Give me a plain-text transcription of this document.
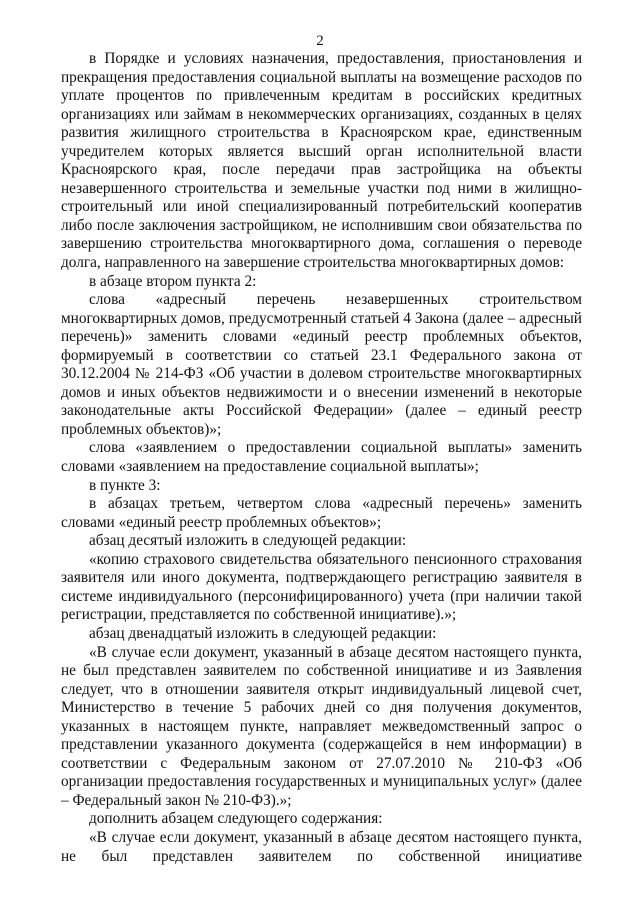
2

в Порядке и условиях назначения, предоставления, приостановления и прекращения предоставления социальной выплаты на возмещение расходов по уплате процентов по привлеченным кредитам в российских кредитных организациях или займам в некоммерческих организациях, созданных в целях развития жилищного строительства в Красноярском крае, единственным учредителем которых является высший орган исполнительной власти Красноярского края, после передачи прав застройщика на объекты незавершенного строительства и земельные участки под ними в жилищно-строительный или иной специализированный потребительский кооператив либо после заключения застройщиком, не исполнившим свои обязательства по завершению строительства многоквартирного дома, соглашения о переводе долга, направленного на завершение строительства многоквартирных домов:

в абзаце втором пункта 2:

слова «адресный перечень незавершенных строительством многоквартирных домов, предусмотренный статьей 4 Закона (далее – адресный перечень)» заменить словами «единый реестр проблемных объектов, формируемый в соответствии со статьей 23.1 Федерального закона от 30.12.2004 № 214-ФЗ «Об участии в долевом строительстве многоквартирных домов и иных объектов недвижимости и о внесении изменений в некоторые законодательные акты Российской Федерации» (далее – единый реестр проблемных объектов)»;

слова «заявлением о предоставлении социальной выплаты» заменить словами «заявлением на предоставление социальной выплаты»;

в пункте 3:

в абзацах третьем, четвертом слова «адресный перечень» заменить словами «единый реестр проблемных объектов»;

абзац десятый изложить в следующей редакции:

«копию страхового свидетельства обязательного пенсионного страхования заявителя или иного документа, подтверждающего регистрацию заявителя в системе индивидуального (персонифицированного) учета (при наличии такой регистрации, представляется по собственной инициативе).»;

абзац двенадцатый изложить в следующей редакции:

«В случае если документ, указанный в абзаце десятом настоящего пункта, не был представлен заявителем по собственной инициативе и из Заявления следует, что в отношении заявителя открыт индивидуальный лицевой счет, Министерство в течение 5 рабочих дней со дня получения документов, указанных в настоящем пункте, направляет межведомственный запрос о представлении указанного документа (содержащейся в нем информации) в соответствии с Федеральным законом от 27.07.2010 № 210-ФЗ «Об организации предоставления государственных и муниципальных услуг» (далее – Федеральный закон № 210-ФЗ).»;

дополнить абзацем следующего содержания:

«В случае если документ, указанный в абзаце десятом настоящего пункта, не был представлен заявителем по собственной инициативе
